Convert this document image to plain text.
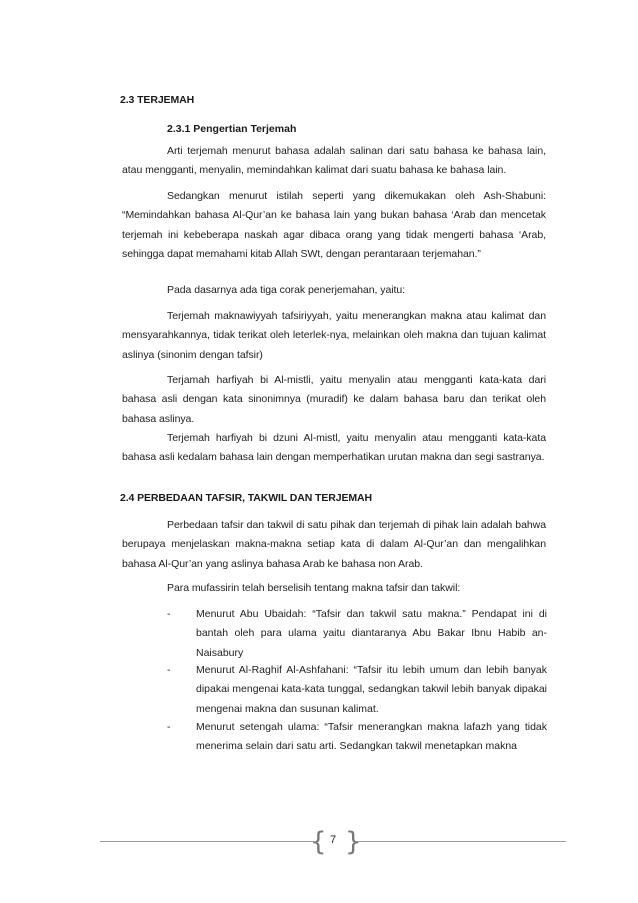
2.3 TERJEMAH
2.3.1 Pengertian Terjemah

Arti terjemah menurut bahasa adalah salinan dari satu bahasa ke bahasa lain, atau mengganti, menyalin, memindahkan kalimat dari suatu bahasa ke bahasa lain.

Sedangkan menurut istilah seperti yang dikemukakan oleh Ash-Shabuni: “Memindahkan bahasa Al-Qur’an ke bahasa lain yang bukan bahasa ‘Arab dan mencetak terjemah ini kebeberapa naskah agar dibaca orang yang tidak mengerti bahasa ‘Arab, sehingga dapat memahami kitab Allah SWt, dengan perantaraan terjemahan.”

Pada dasarnya ada tiga corak penerjemahan, yaitu:

Terjemah maknawiyyah tafsiriyyah, yaitu menerangkan makna atau kalimat dan mensyarahkannya, tidak terikat oleh leterlek-nya, melainkan oleh makna dan tujuan kalimat aslinya (sinonim dengan tafsir)

Terjamah harfiyah bi Al-mistli, yaitu menyalin atau mengganti kata-kata dari bahasa asli dengan kata sinonimnya (muradif) ke dalam bahasa baru dan terikat oleh bahasa aslinya.

Terjemah harfiyah bi dzuni Al-mistl, yaitu menyalin atau mengganti kata-kata bahasa asli kedalam bahasa lain dengan memperhatikan urutan makna dan segi sastranya.

2.4 PERBEDAAN TAFSIR, TAKWIL DAN TERJEMAH

Perbedaan tafsir dan takwil di satu pihak dan terjemah di pihak lain adalah bahwa berupaya menjelaskan makna-makna setiap kata di dalam Al-Qur’an dan mengalihkan bahasa Al-Qur’an yang aslinya bahasa Arab ke bahasa non Arab.

Para mufassirin telah berselisih tentang makna tafsir dan takwil:

- Menurut Abu Ubaidah: “Tafsir dan takwil satu makna.” Pendapat ini di bantah oleh para ulama yaitu diantaranya Abu Bakar Ibnu Habib an-Naisabury

- Menurut Al-Raghif Al-Ashfahani: “Tafsir itu lebih umum dan lebih banyak dipakai mengenai kata-kata tunggal, sedangkan takwil lebih banyak dipakai mengenai makna dan susunan kalimat.

- Menurut setengah ulama: “Tafsir menerangkan makna lafazh yang tidak menerima selain dari satu arti. Sedangkan takwil menetapkan makna

{ }
7
